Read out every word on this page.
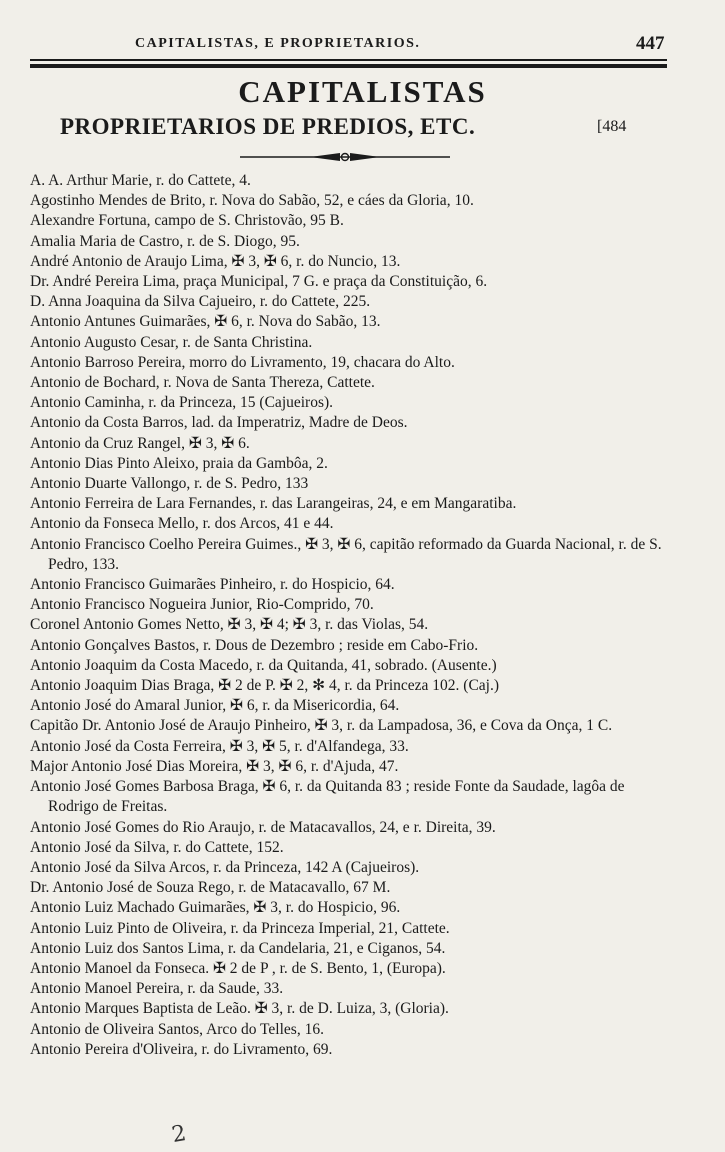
CAPITALISTAS, E PROPRIETARIOS.	447
CAPITALISTAS
PROPRIETARIOS DE PREDIOS, ETC.	[484

A. A. Arthur Marie, r. do Cattete, 4.

Agostinho Mendes de Brito, r. Nova do Sabão, 52, e cáes da Gloria, 10.

Alexandre Fortuna, campo de S. Christovão, 95 B.

Amalia Maria de Castro, r. de S. Diogo, 95.

André Antonio de Araujo Lima, ✠ 3, ✠ 6, r. do Nuncio, 13.

Dr. André Pereira Lima, praça Municipal, 7 G. e praça da Constituição, 6.

D. Anna Joaquina da Silva Cajueiro, r. do Cattete, 225.

Antonio Antunes Guimarães, ✠ 6, r. Nova do Sabão, 13.

Antonio Augusto Cesar, r. de Santa Christina.

Antonio Barroso Pereira, morro do Livramento, 19, chacara do Alto.

Antonio de Bochard, r. Nova de Santa Thereza, Cattete.

Antonio Caminha, r. da Princeza, 15 (Cajueiros).

Antonio da Costa Barros, lad. da Imperatriz, Madre de Deos.

Antonio da Cruz Rangel, ✠ 3, ✠ 6.

Antonio Dias Pinto Aleixo, praia da Gambôa, 2.

Antonio Duarte Vallongo, r. de S. Pedro, 133

Antonio Ferreira de Lara Fernandes, r. das Larangeiras, 24, e em Mangaratiba.

Antonio da Fonseca Mello, r. dos Arcos, 41 e 44.

Antonio Francisco Coelho Pereira Guimes., ✠ 3, ✠ 6, capitão reformado da Guarda Nacional, r. de S. Pedro, 133.

Antonio Francisco Guimarães Pinheiro, r. do Hospicio, 64.

Antonio Francisco Nogueira Junior, Rio-Comprido, 70.

Coronel Antonio Gomes Netto, ✠ 3, ✠ 4; ✠ 3, r. das Violas, 54.

Antonio Gonçalves Bastos, r. Dous de Dezembro ; reside em Cabo-Frio.

Antonio Joaquim da Costa Macedo, r. da Quitanda, 41, sobrado. (Ausente.)

Antonio Joaquim Dias Braga, ✠ 2 de P. ✠ 2, ✻ 4, r. da Princeza 102. (Caj.)

Antonio José do Amaral Junior, ✠ 6, r. da Misericordia, 64.

Capitão Dr. Antonio José de Araujo Pinheiro, ✠ 3, r. da Lampadosa, 36, e Cova da Onça, 1 C.

Antonio José da Costa Ferreira, ✠ 3, ✠ 5, r. d'Alfandega, 33.

Major Antonio José Dias Moreira, ✠ 3, ✠ 6, r. d'Ajuda, 47.

Antonio José Gomes Barbosa Braga, ✠ 6, r. da Quitanda 83 ; reside Fonte da Saudade, lagôa de Rodrigo de Freitas.

Antonio José Gomes do Rio Araujo, r. de Matacavallos, 24, e r. Direita, 39.

Antonio José da Silva, r. do Cattete, 152.

Antonio José da Silva Arcos, r. da Princeza, 142 A (Cajueiros).

Dr. Antonio José de Souza Rego, r. de Matacavallo, 67 M.

Antonio Luiz Machado Guimarães, ✠ 3, r. do Hospicio, 96.

Antonio Luiz Pinto de Oliveira, r. da Princeza Imperial, 21, Cattete.

Antonio Luiz dos Santos Lima, r. da Candelaria, 21, e Ciganos, 54.

Antonio Manoel da Fonseca. ✠ 2 de P , r. de S. Bento, 1, (Europa).

Antonio Manoel Pereira, r. da Saude, 33.

Antonio Marques Baptista de Leão. ✠ 3, r. de D. Luiza, 3, (Gloria).

Antonio de Oliveira Santos, Arco do Telles, 16.

Antonio Pereira d'Oliveira, r. do Livramento, 69.

2
